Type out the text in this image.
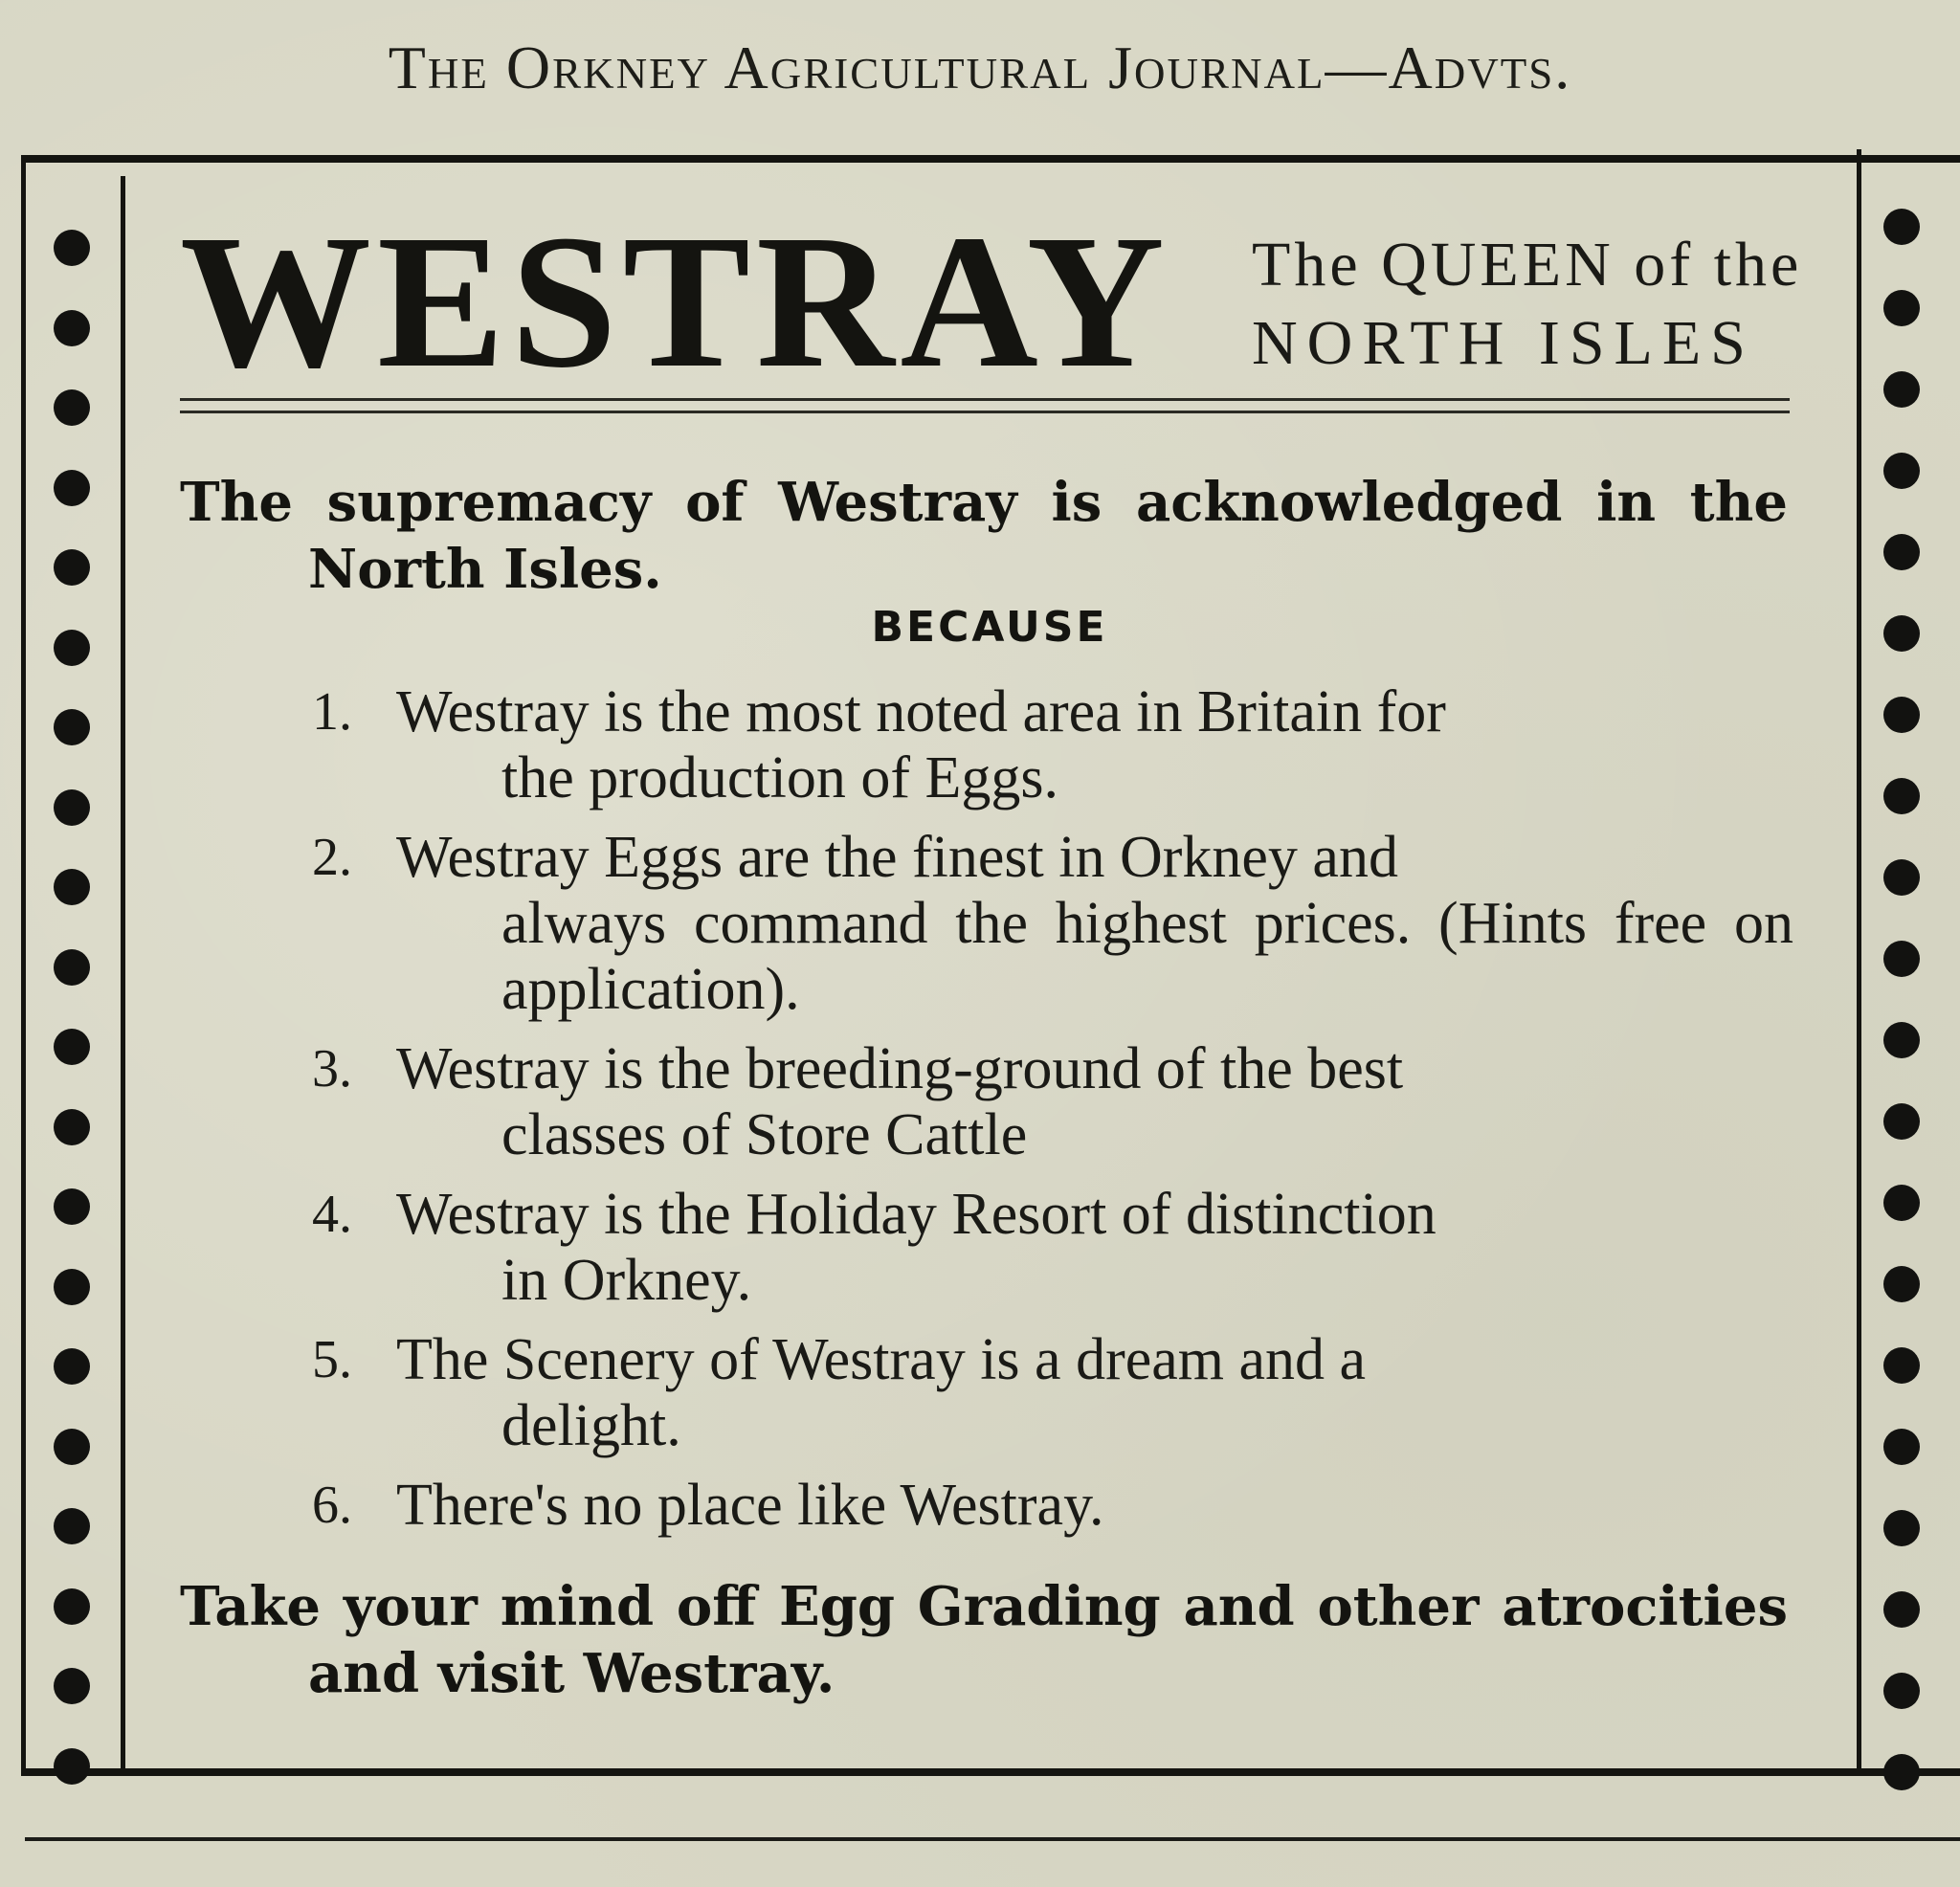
The Orkney Agricultural Journal—Advts.
WESTRAY The QUEEN of the
NORTH ISLES
The supremacy of Westray is acknowledged in the
North Isles.
BECAUSE
1. Westray is the most noted area in Britain for
the production of Eggs.
2. Westray Eggs are the finest in Orkney and
always command the highest prices. (Hints free on application).
3. Westray is the breeding-ground of the best
classes of Store Cattle
4. Westray is the Holiday Resort of distinction
in Orkney.
5. The Scenery of Westray is a dream and a
delight.
6. There's no place like Westray.
Take your mind off Egg Grading and other atrocities
and visit Westray.
